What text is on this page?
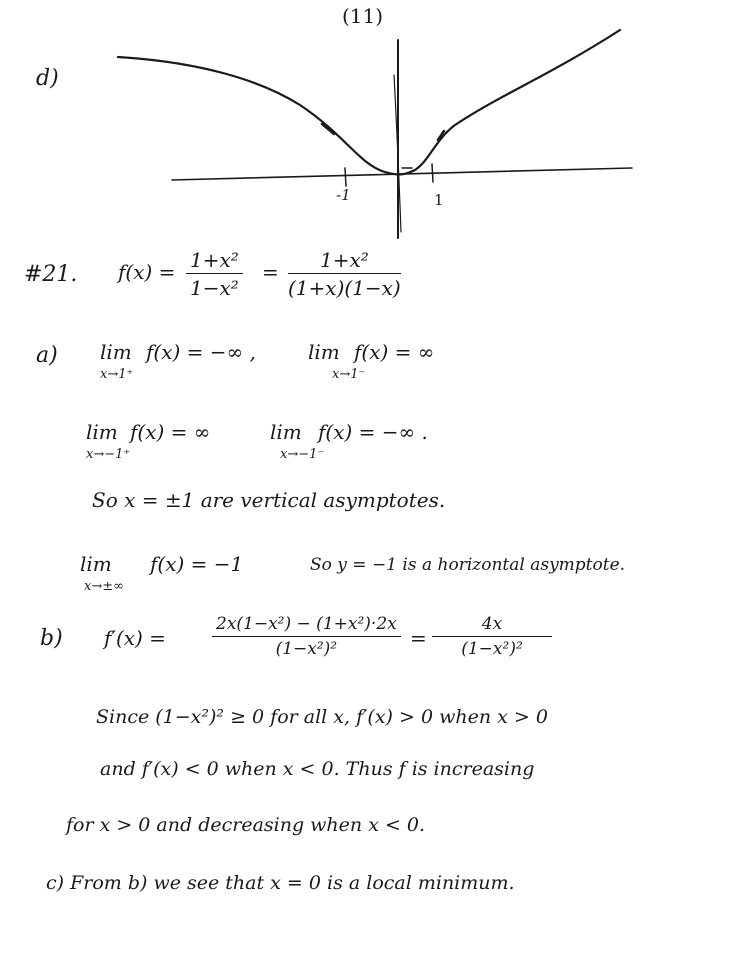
(11)
d)
-1	1
#21. $f(x) = \frac{\text{1+x²}}{\text{1−x²}} = \frac{\text{1+x²}}{(1+x)(1-x)}$
a) lim
x→1⁺
f(x) = −∞ ,	lim
x→1⁻
f(x) = ∞
lim
x→−1⁺
f(x) = ∞	lim
x→−1⁻
f(x) = −∞ .
So x = ±1 are vertical asymptotes.
lim
x→±∞
f(x) = −1	So y = −1 is a horizontal asymptote.
b) f′(x) =	$\frac{\text{2x(1−x²) − (1+x²)·2x}}{\text{(1−x²)²}} = \frac{4x}{\text{(1−x²)²}}$
Since (1−x²)² ≥ 0 for all x, f′(x) > 0 when x > 0
and f′(x) < 0 when x < 0. Thus f is increasing
for x > 0 and decreasing when x < 0.
c) From b) we see that x = 0 is a local minimum.
